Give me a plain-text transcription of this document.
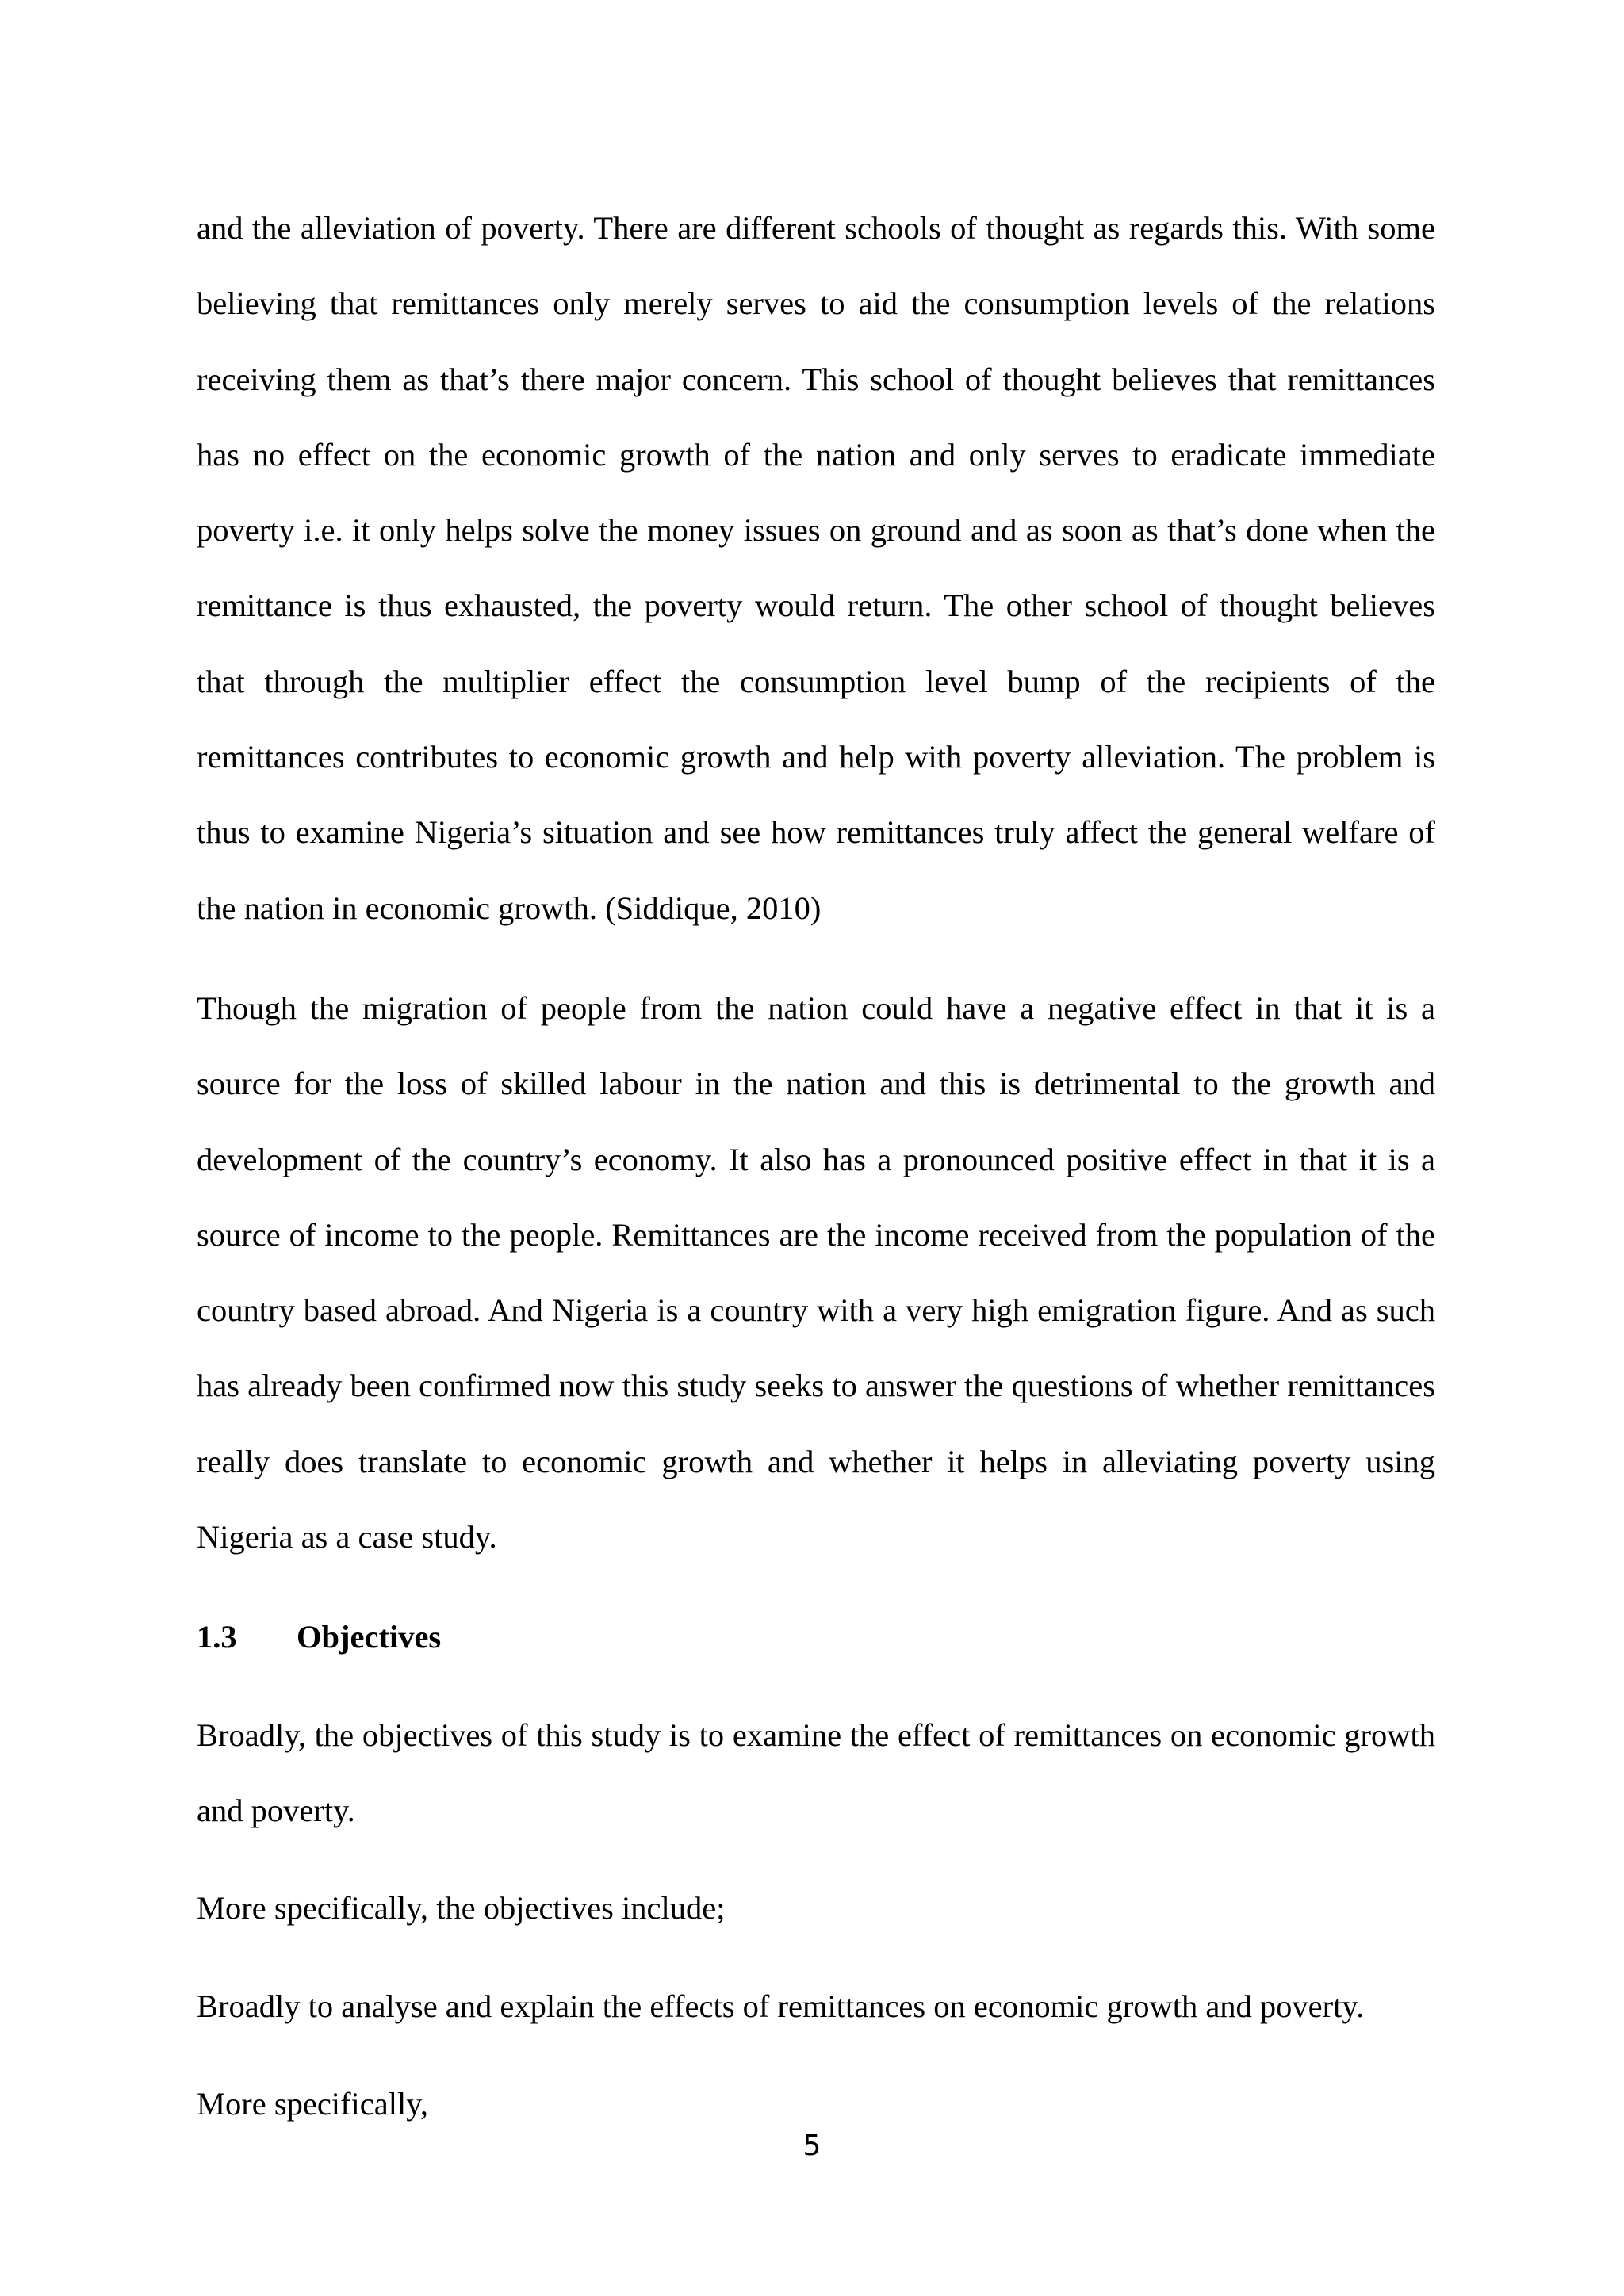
and the alleviation of poverty. There are different schools of thought as regards this. With some believing that remittances only merely serves to aid the consumption levels of the relations receiving them as that’s there major concern. This school of thought believes that remittances has no effect on the economic growth of the nation and only serves to eradicate immediate poverty i.e. it only helps solve the money issues on ground and as soon as that’s done when the remittance is thus exhausted, the poverty would return. The other school of thought believes that through the multiplier effect the consumption level bump of the recipients of the remittances contributes to economic growth and help with poverty alleviation. The problem is thus to examine Nigeria’s situation and see how remittances truly affect the general welfare of the nation in economic growth. (Siddique, 2010)

Though the migration of people from the nation could have a negative effect in that it is a source for the loss of skilled labour in the nation and this is detrimental to the growth and development of the country’s economy. It also has a pronounced positive effect in that it is a source of income to the people. Remittances are the income received from the population of the country based abroad. And Nigeria is a country with a very high emigration figure. And as such has already been confirmed now this study seeks to answer the questions of whether remittances really does translate to economic growth and whether it helps in alleviating poverty using Nigeria as a case study.

1.3	Objectives

Broadly, the objectives of this study is to examine the effect of remittances on economic growth and poverty.

More specifically, the objectives include;

Broadly to analyse and explain the effects of remittances on economic growth and poverty.

More specifically,

5
